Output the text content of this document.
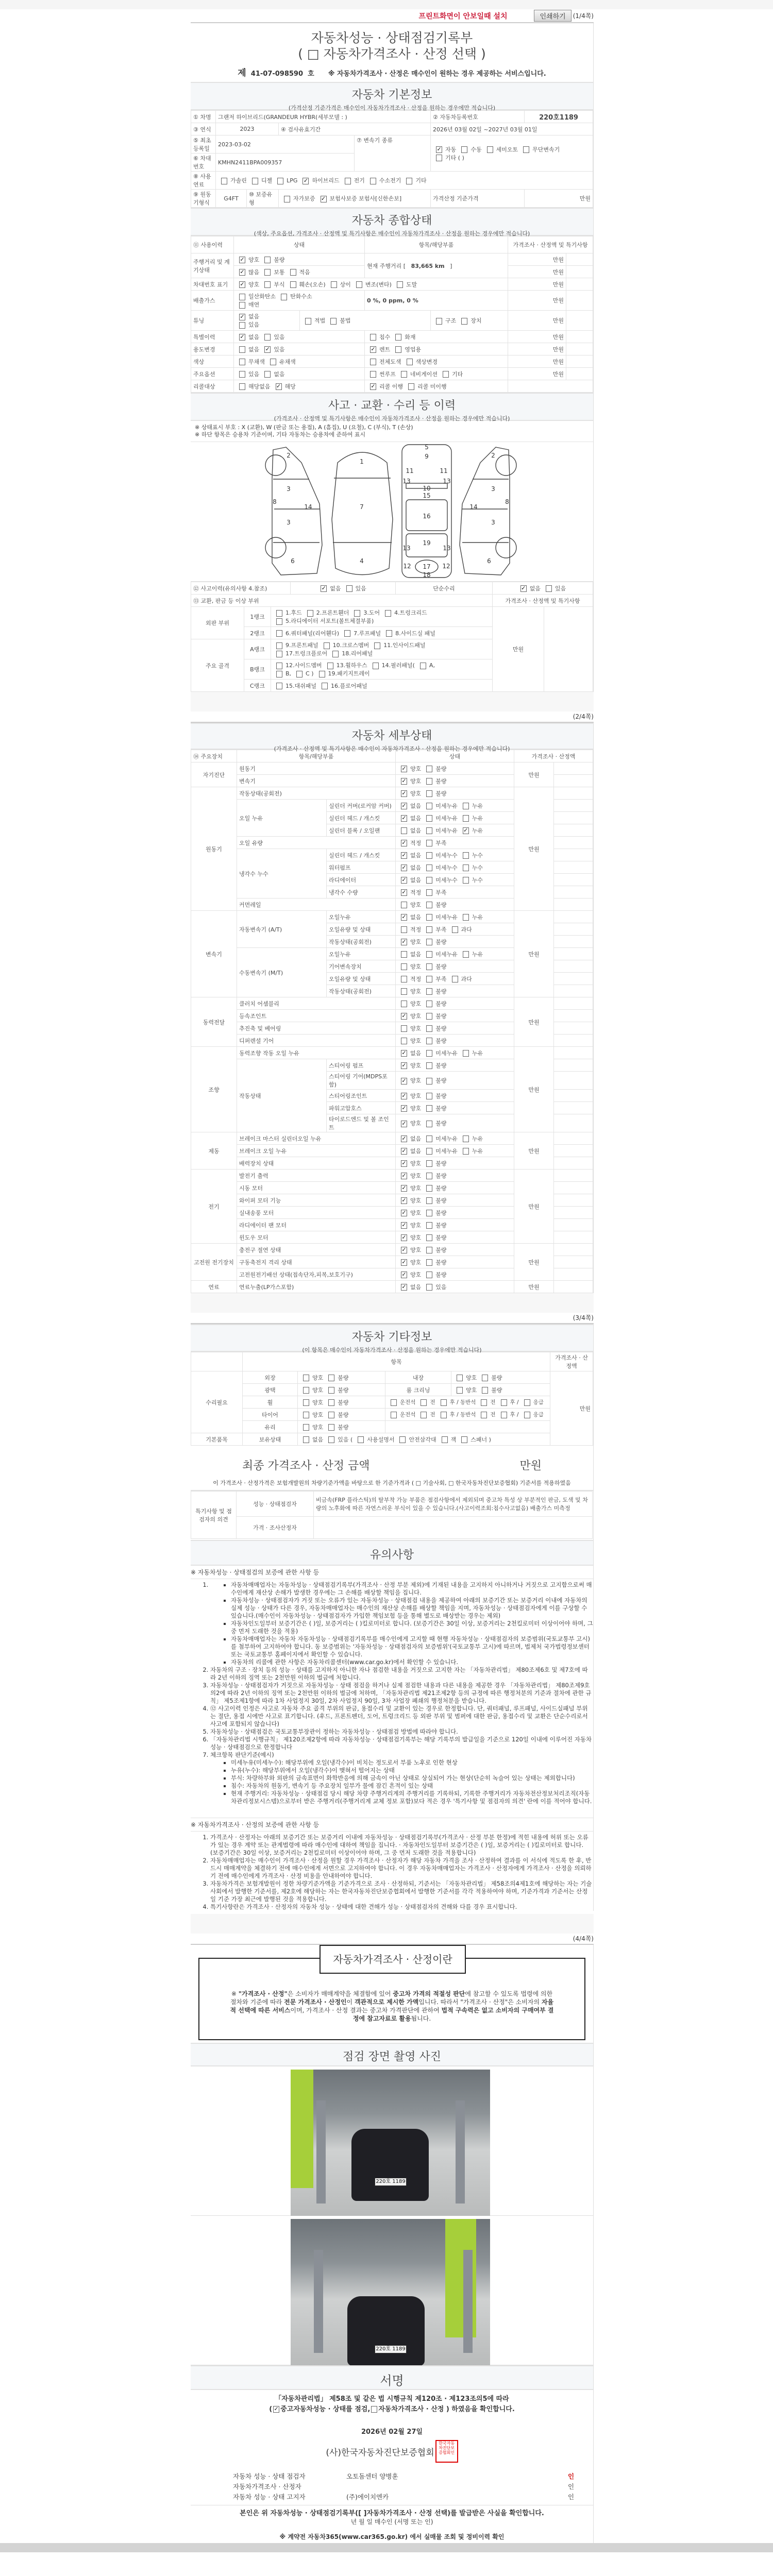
프린트화면이 안보일때 설치	인쇄하기	(1/4쪽)
자동차성능 · 상태점검기록부
( □ 자동차가격조사 · 산정 선택 )
제 41-07-098590 호 ※ 자동차가격조사 · 산정은 매수인이 원하는 경우 제공하는 서비스입니다.
자동차 기본정보

(가격산정 기준가격은 매수인이 자동차가격조사 · 산정을 원하는 경우에만 적습니다)

① 차명	그랜저 하이브리드(GRANDEUR HYBR(세부모델 : )				② 자동차등록번호	220호1189
③ 연식	2023		④ 검사유효기간		2026년 03월 02일 ~2027년 03월 01일	
⑤ 최초등록일	2023-03-02			⑦ 변속기 종류	✓ 자동 수동 세미오토 무단변속기
기타 ( )	
⑥ 차대번호	KMHN2411BPA009357					
⑧ 사용연료	가솔린 디젤 LPG ✓ 하이브리드 전기 수소전기 기타					
⑨ 원동기형식	G4FT	⑩ 보증유형	자가보증 ✓ 보험사보증 보험사[신한손보]		가격산정 기준가격	만원
자동차 종합상태

(색상, 주요옵션, 가격조사 · 산정액 및 특기사항은 매수인이 자동차가격조사 · 산정을 원하는 경우에만 적습니다)

⑪ 사용이력	상태		항목/해당부품		가격조사 · 산정액 및 특기사항	
주행거리 및 계기상태	✓ 양호 불량		현재 주행거리 [ 83,665 km ]		만원	
	✓ 많음 보통 적음				만원	
차대번호 표기	✓ 양호 부식 훼손(오손) 상이 변조(변타) 도말				만원	
배출가스	일산화탄소 탄화수소
매연		0 %, 0 ppm, 0 %		만원	
튜닝	✓ 없음
있음	적법 불법		구조 장치	만원	
특별이력	✓ 없음 있음		침수 화재		만원	
용도변경	없음 ✓ 있음		✓ 렌트 영업용		만원	
색상	무채색 유채색		전체도색 색상변경		만원	
주요옵션	있음 없음		썬루프 네비게이션 기타		만원	
리콜대상	해당없음 ✓ 해당		✓ 리콜 이행 리콜 미이행			
사고 · 교환 · 수리 등 이력

(가격조사 · 산정액 및 특기사항은 매수인이 자동차가격조사 · 산정을 원하는 경우에만 적습니다)

※ 상태표시 부호 : X (교환), W (판금 또는 용접), A (흠집), U (요철), C (부식), T (손상)
※ 하단 항목은 승용차 기준이며, 기타 자동차는 승용차에 준하여 표시
2
3
3
8
14
6
2
3
3
8
14
6
1
7
4
5
9
11	11
13	13
10
15
16
19
13	13
17
12	12
18
⑫ 사고이력(유의사항 4.참조)			✓ 없음 있음	단순수리	✓ 없음 있음	
⑬ 교환, 판금 등 이상 부위					가격조사 · 산정액 및 특기사항	
외판 부위	1랭크	1.후드 2.프론트휀더 3.도어 4.트렁크리드
5.라디에이터 서포트(볼트체결부품)			만원	
	2랭크	6.쿼터패널(리어휀다) 7.루프패널 8.사이드실 패널				
주요 골격	A랭크	9.프론트패널 10.크로스멤버 11.인사이드패널
17.트렁크플로어 18.리어패널				
	B랭크	12.사이드멤버 13.휠하우스 14.필러패널( A,
B, C ) 19.패키지트레이				
	C랭크	15.대쉬패널 16.플로어패널				
(2/4쪽)
자동차 세부상태

(가격조사 · 산정액 및 특기사항은 매수인이 자동차가격조사 · 산정을 원하는 경우에만 적습니다)

⑭ 주요장치	항목/해당부품		상태	가격조사 · 산정액	
자기진단	원동기		✓ 양호 불량	만원	
	변속기		✓ 양호 불량		
원동기	작동상태(공회전)		✓ 양호 불량	만원	
	오일 누유	실린더 커버(로커암 커버)	✓ 없음 미세누유 누유		
		실린더 헤드 / 개스킷	✓ 없음 미세누유 누유		
		실린더 블록 / 오일팬	없음 미세누유 ✓ 누유		
	오일 유량		✓ 적정 부족		
	냉각수 누수	실린더 헤드 / 개스킷	✓ 없음 미세누수 누수		
		워터펌프	✓ 없음 미세누수 누수		
		라디에이터	✓ 없음 미세누수 누수		
		냉각수 수량	✓ 적정 부족		
	커먼레일		양호 불량		
변속기	자동변속기 (A/T)	오일누유	✓ 없음 미세누유 누유	만원	
		오일유량 및 상태	적정 부족 과다		
		작동상태(공회전)	✓ 양호 불량		
	수동변속기 (M/T)	오일누유	없음 미세누유 누유		
		기어변속장치	양호 불량		
		오일유량 및 상태	적정 부족 과다		
		작동상태(공회전)	양호 불량		
동력전달	클러치 어셈블리		양호 불량	만원	
	등속조인트		✓ 양호 불량		
	추진축 및 베어링		양호 불량		
	디퍼렌셜 기어		양호 불량		
조향	동력조향 작동 오일 누유		✓ 없음 미세누유 누유	만원	
	작동상태	스티어링 펌프	✓ 양호 불량		
		스티어링 기어(MDPS포함)	✓ 양호 불량		
		스티어링조인트	✓ 양호 불량		
		파워고압호스	✓ 양호 불량		
		타이로드엔드 및 볼 조인트	✓ 양호 불량		
제동	브레이크 마스터 실린더오일 누유		✓ 없음 미세누유 누유	만원	
	브레이크 오일 누유		✓ 없음 미세누유 누유		
	배력장치 상태		✓ 양호 불량		
전기	발전기 출력		✓ 양호 불량	만원	
	시동 모터		✓ 양호 불량		
	와이퍼 모터 기능		✓ 양호 불량		
	실내송풍 모터		✓ 양호 불량		
	라디에이터 팬 모터		✓ 양호 불량		
	윈도우 모터		✓ 양호 불량		
고전원 전기장치	충전구 절연 상태		✓ 양호 불량	만원	
	구동축전지 격리 상태		✓ 양호 불량		
	고전원전기배선 상태(접속단자,피복,보호기구)		✓ 양호 불량		
연료	연료누출(LP가스포함)		✓ 없음 있음	만원	
(3/4쪽)
자동차 기타정보

(이 항목은 매수인이 자동차가격조사 · 산정을 원하는 경우에만 적습니다)

	항목				가격조사 · 산정액
수리필요	외장	양호 불량	내장	양호 불량	만원
	광택	양호 불량	룸 크리닝	양호 불량	
	휠	양호 불량	운전석 전 후 / 동반석 전 후 / 응급		
	타이어	양호 불량	운전석 전 후 / 동반석 전 후 / 응급		
	유리	양호 불량			
기본품목	보유상태	없음 있음 ( 사용설명서 안전삼각대 잭 스패너 )			
최종 가격조사 · 산정 금액	만원
이 가격조사 · 산정가격은 보험개발원의 차량기준가액을 바탕으로 한 기준가격과 ( □ 기술사회, □ 한국자동차진단보증협회) 기준서를 적용하였음
특기사항 및 점검자의 의견	성능 · 상태점검자	비금속(FRP 플라스틱)의 탈부착 가능 부품은 점검사항에서 제외되며 중고차 특성 상 부분적인 판금, 도색 및 차량의 노후화에 따른 자연스러운 부식이 있을 수 있습니다.(사고이력조회:침수사고없음) 배출가스 미측정
	가격 · 조사산정자	
유의사항
※ 자동차성능 · 상태점검의 보증에 관한 사항 등
▪ 1. 자동차매매업자는 자동차성능 · 상태점검기록부(가격조사 · 산정 부분 제외)에 기재된 내용을 고지하지 아니하거나 거짓으로 고지함으로써 매수인에게 재산상 손해가 발생한 경우에는 그 손해를 배상할 책임을 집니다.
▪ 자동차성능 · 상태점검자가 거짓 또는 오류가 있는 자동차성능 · 상태점검 내용을 제공하여 아래의 보증기간 또는 보증거리 이내에 자동차의 실제 성능 · 상태가 다른 경우, 자동차매매업자는 매수인의 재산상 손해를 배상할 책임을 지며, 자동차성능 · 상태점검자에게 이를 구상할 수 있습니다.(매수인이 자동차성능 · 상태점검자가 가입한 책임보험 등을 통해 별도로 배상받는 경우는 제외)
▪ 자동차인도일부터 보증기간은 ( )일, 보증거리는 ( )킬로미터로 합니다. (보증기간은 30일 이상, 보증거리는 2천킬로미터 이상이어야 하며, 그 중 먼저 도래한 것을 적용)
▪ 자동차매매업자는 자동차 자동차성능 · 상태점검기록부를 매수인에게 고지할 때 현행 자동차성능 · 상태점검자의 보증범위(국토교통부 고시)를 첨부하여 고지하여야 합니다. 동 보증범위는 '자동차성능 · 상태점검자의 보증범위'(국토교통부 고시)에 따르며, 법제처 국가법령정보센터 또는 국토교통부 홈페이지에서 확인할 수 있습니다.
▪ 자동차의 리콜에 관한 사항은 자동차리콜센터(www.car.go.kr)에서 확인할 수 있습니다.
2. 자동차의 구조 · 장치 등의 성능 · 상태를 고지하지 아니한 자나 점검한 내용을 거짓으로 고지한 자는 「자동차관리법」 제80조제6호 및 제7호에 따라 2년 이하의 징역 또는 2천만원 이하의 벌금에 처합니다.
3. 자동차성능 · 상태점검자가 거짓으로 자동차성능 · 상태 점검을 하거나 실제 점검한 내용과 다른 내용을 제공한 경우 「자동차관리법」 제80조제9호의2에 따라 2년 이하의 징역 또는 2천만원 이하의 벌금에 처하며, 「자동차관리법 제21조제2항 등의 규정에 따른 행정처분의 기준과 절차에 관한 규칙」 제5조제1항에 따라 1차 사업정지 30일, 2차 사업정지 90일, 3차 사업장 폐쇄의 행정처분을 받습니다.
4. ⑫ 사고이력 인정은 사고로 자동차 주요 골격 부위의 판금, 용접수리 및 교환이 있는 경우로 한정합니다. 단, 쿼터패널, 루프패널, 사이드실패널 부위는 절단, 용접 시에만 사고로 표기합니다. (후드, 프론트펜더, 도어, 트렁크리드 등 외판 부위 및 범퍼에 대한 판금, 용접수리 및 교환은 단순수리로서 사고에 포함되지 않습니다)
5. 자동차성능 · 상태점검은 국토교통부장관이 정하는 자동차성능 · 상태점검 방법에 따라야 합니다.
6. 「자동차관리법 시행규칙」 제120조제2항에 따라 자동차성능 · 상태점검기록부는 해당 기록부의 발급일을 기준으로 120일 이내에 이루어진 자동차 성능 · 상태점검으로 한정합니다
7. 체크항목 판단기준(예시)
▪ 미세누유(미세누수): 해당부위에 오일(냉각수)이 비치는 정도로서 부품 노후로 인한 현상
▪ 누유(누수): 해당부위에서 오일(냉각수)이 맺혀서 떨어지는 상태
▪ 부식: 차량하부와 외판의 금속표면이 화학반응에 의해 금속이 아닌 상태로 상실되어 가는 현상(단순히 녹슬어 있는 상태는 제외합니다)
▪ 침수: 자동차의 원동기, 변속기 등 주요장치 일부가 물에 잠긴 흔적이 있는 상태
▪ 현재 주행거리: 자동차성능 · 상태점검 당시 해당 차량 주행거리계의 주행거리를 기록하되, 기록한 주행거리가 자동차전산정보처리조직(자동차관리정보시스템)으로부터 받은 주행거리(주행거리계 교체 정보 포함)보다 적은 경우 '특기사항 및 점검자의 의견' 란에 이를 적어야 합니다.
※ 자동차가격조사 · 산정의 보증에 관한 사항 등
1. 가격조사 · 산정자는 아래의 보증기간 또는 보증거리 이내에 자동차성능 · 상태점검기록부(가격조사 · 산정 부분 한정)에 적힌 내용에 허위 또는 오류가 있는 경우 계약 또는 관계법령에 따라 매수인에 대하여 책임을 집니다. · 자동차인도일부터 보증기간은 ( )일, 보증거리는 ( )킬로미터로 합니다. (보증기간은 30일 이상, 보증거리는 2천킬로미터 이상이어야 하며, 그 중 먼저 도래한 것을 적용합니다)
2. 자동차매매업자는 매수인이 가격조사 · 산정을 원할 경우 가격조사 · 산정자가 해당 자동차 가격을 조사 · 산정하여 결과를 이 서식에 적도록 한 후, 반드시 매매계약을 체결하기 전에 매수인에게 서면으로 고지하여야 합니다. 이 경우 자동차매매업자는 가격조사 · 산정자에게 가격조사 · 산정을 의뢰하기 전에 매수인에게 가격조사 · 산정 비용을 안내하여야 합니다.
3. 자동차가격은 보험개발원이 정한 차량기준가액을 기준가격으로 조사 · 산정하되, 기준서는 「자동차관리법」 제58조의4제1호에 해당하는 자는 기술사회에서 발행한 기준서를, 제2호에 해당하는 자는 한국자동차진단보증협회에서 발행한 기준서를 각각 적용하여야 하며, 기준가격과 기준서는 산정일 기준 가장 최근에 발행된 것을 적용합니다.
4. 특기사항란은 가격조사 · 산정자의 자동차 성능 · 상태에 대한 견해가 성능 · 상태점검자의 견해와 다를 경우 표시합니다.
(4/4쪽)
자동차가격조사 · 산정이란
※ "가격조사 · 산정"은 소비자가 매매계약을 체결함에 있어 중고차 가격의 적절성 판단에 참고할 수 있도록 법령에 의한 절차와 기준에 따라 전문 가격조사 · 산정인이 객관적으로 제시한 가액입니다. 따라서 "가격조사 · 산정"은 소비자의 자율적 선택에 따른 서비스이며, 가격조사 · 산정 결과는 중고차 가격판단에 관하여 법적 구속력은 없고 소비자의 구매여부 결정에 참고자료로 활용됩니다.
점검 장면 촬영 사진
220호 1189
220호 1189
서명
「자동차관리법」 제58조 및 같은 법 시행규칙 제120조 · 제123조의5에 따라
( ✓ 중고자동차성능 · 상태를 점검, 자동차가격조사 · 산정 ) 하였음을 확인합니다.
2026년 02월 27일
(사)한국자동차진단보증협회
한국자동
차진단보
증협회인
자동차 성능 · 상태 점검자	오토돔센터 양병훈	인
자동차가격조사 · 산정자	인
자동차 성능 · 상태 고지자	(주)에이치엔카	인
본인은 위 자동차성능 · 상태점검기록부([ ]자동차가격조사 · 산정 선택)를 발급받은 사실을 확인합니다.
년 월 일 매수인 (서명 또는 인)
※ 계약전 자동차365(www.car365.go.kr) 에서 실매물 조회 및 정비이력 확인
